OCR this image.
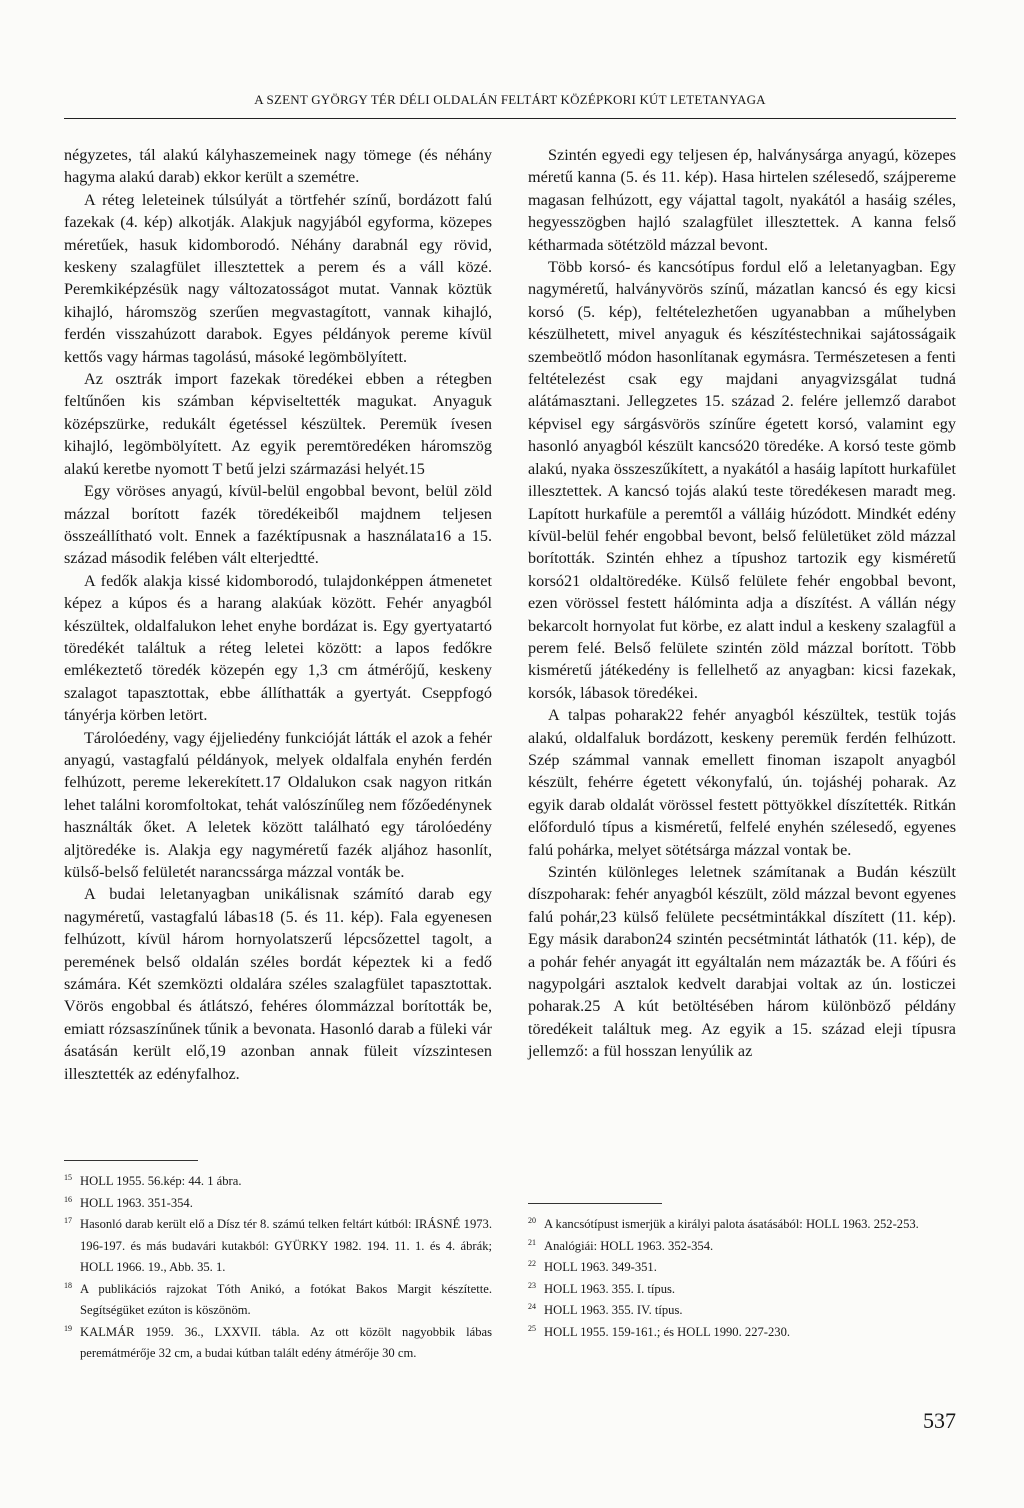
A SZENT GYÖRGY TÉR DÉLI OLDALÁN FELTÁRT KÖZÉPKORI KÚT LETETANYAGA

négyzetes, tál alakú kályhaszemeinek nagy tömege (és néhány hagyma alakú darab) ekkor került a szemétre.

A réteg leleteinek túlsúlyát a törtfehér színű, bordázott falú fazekak (4. kép) alkotják. Alakjuk nagyjából egyforma, közepes méretűek, hasuk kidomborodó. Néhány darabnál egy rövid, keskeny szalagfület illesztettek a perem és a váll közé. Peremkiképzésük nagy változatosságot mutat. Vannak köztük kihajló, háromszög szerűen megvastagított, vannak kihajló, ferdén visszahúzott darabok. Egyes példányok pereme kívül kettős vagy hármas tagolású, másoké legömbölyített.

Az osztrák import fazekak töredékei ebben a rétegben feltűnően kis számban képviseltették magukat. Anyaguk középszürke, redukált égetéssel készültek. Peremük ívesen kihajló, legömbölyített. Az egyik peremtöredéken háromszög alakú keretbe nyomott T betű jelzi származási helyét.15

Egy vöröses anyagú, kívül-belül engobbal bevont, belül zöld mázzal borított fazék töredékeiből majdnem teljesen összeállítható volt. Ennek a fazéktípusnak a használata16 a 15. század második felében vált elterjedtté.

A fedők alakja kissé kidomborodó, tulajdonképpen átmenetet képez a kúpos és a harang alakúak között. Fehér anyagból készültek, oldalfalukon lehet enyhe bordázat is. Egy gyertyatartó töredékét találtuk a réteg leletei között: a lapos fedőkre emlékeztető töredék közepén egy 1,3 cm átmérőjű, keskeny szalagot tapasztottak, ebbe állíthatták a gyertyát. Cseppfogó tányérja körben letört.

Tárolóedény, vagy éjjeliedény funkcióját látták el azok a fehér anyagú, vastagfalú példányok, melyek oldalfala enyhén ferdén felhúzott, pereme lekerekített.17 Oldalukon csak nagyon ritkán lehet találni koromfoltokat, tehát valószínűleg nem főzőedénynek használták őket. A leletek között található egy tárolóedény aljtöredéke is. Alakja egy nagyméretű fazék aljához hasonlít, külső-belső felületét narancssárga mázzal vonták be.

A budai leletanyagban unikálisnak számító darab egy nagyméretű, vastagfalú lábas18 (5. és 11. kép). Fala egyenesen felhúzott, kívül három hornyolatszerű lépcsőzettel tagolt, a peremének belső oldalán széles bordát képeztek ki a fedő számára. Két szemközti oldalára széles szalagfület tapasztottak. Vörös engobbal és átlátszó, fehéres ólommázzal borították be, emiatt rózsaszínűnek tűnik a bevonata. Hasonló darab a füleki vár ásatásán került elő,19 azonban annak füleit vízszintesen illesztették az edényfalhoz.

Szintén egyedi egy teljesen ép, halványsárga anyagú, közepes méretű kanna (5. és 11. kép). Hasa hirtelen szélesedő, szájpereme magasan felhúzott, egy vájattal tagolt, nyakától a hasáig széles, hegyesszögben hajló szalagfület illesztettek. A kanna felső kétharmada sötétzöld mázzal bevont.

Több korsó- és kancsótípus fordul elő a leletanyagban. Egy nagyméretű, halványvörös színű, mázatlan kancsó és egy kicsi korsó (5. kép), feltételezhetően ugyanabban a műhelyben készülhetett, mivel anyaguk és készítéstechnikai sajátosságaik szembeötlő módon hasonlítanak egymásra. Természetesen a fenti feltételezést csak egy majdani anyagvizsgálat tudná alátámasztani. Jellegzetes 15. század 2. felére jellemző darabot képvisel egy sárgásvörös színűre égetett korsó, valamint egy hasonló anyagból készült kancsó20 töredéke. A korsó teste gömb alakú, nyaka összeszűkített, a nyakától a hasáig lapított hurkafület illesztettek. A kancsó tojás alakú teste töredékesen maradt meg. Lapított hurkafüle a peremtől a válláig húzódott. Mindkét edény kívül-belül fehér engobbal bevont, belső felületüket zöld mázzal borították. Szintén ehhez a típushoz tartozik egy kisméretű korsó21 oldaltöredéke. Külső felülete fehér engobbal bevont, ezen vörössel festett hálóminta adja a díszítést. A vállán négy bekarcolt hornyolat fut körbe, ez alatt indul a keskeny szalagfül a perem felé. Belső felülete szintén zöld mázzal borított. Több kisméretű játékedény is fellelhető az anyagban: kicsi fazekak, korsók, lábasok töredékei.

A talpas poharak22 fehér anyagból készültek, testük tojás alakú, oldalfaluk bordázott, keskeny peremük ferdén felhúzott. Szép számmal vannak emellett finoman iszapolt anyagból készült, fehérre égetett vékonyfalú, ún. tojáshéj poharak. Az egyik darab oldalát vörössel festett pöttyökkel díszítették. Ritkán előforduló típus a kisméretű, felfelé enyhén szélesedő, egyenes falú pohárka, melyet sötétsárga mázzal vontak be.

Szintén különleges leletnek számítanak a Budán készült díszpoharak: fehér anyagból készült, zöld mázzal bevont egyenes falú pohár,23 külső felülete pecsétmintákkal díszített (11. kép). Egy másik darabon24 szintén pecsétmintát láthatók (11. kép), de a pohár fehér anyagát itt egyáltalán nem mázazták be. A főúri és nagypolgári asztalok kedvelt darabjai voltak az ún. losticzei poharak.25 A kút betöltésében három különböző példány töredékeit találtuk meg. Az egyik a 15. század eleji típusra jellemző: a fül hosszan lenyúlik az

15 HOLL 1955. 56.kép: 44. 1 ábra.
16 HOLL 1963. 351-354.
17 Hasonló darab került elő a Dísz tér 8. számú telken feltárt kútból: IRÁSNÉ 1973. 196-197. és más budavári kutakból: GYÜRKY 1982. 194. 11. 1. és 4. ábrák; HOLL 1966. 19., Abb. 35. 1.
18 A publikációs rajzokat Tóth Anikó, a fotókat Bakos Margit készítette. Segítségüket ezúton is köszönöm.
19 KALMÁR 1959. 36., LXXVII. tábla. Az ott közölt nagyobbik lábas peremátmérője 32 cm, a budai kútban talált edény átmérője 30 cm.
20 A kancsótípust ismerjük a királyi palota ásatásából: HOLL 1963. 252-253.
21 Analógiái: HOLL 1963. 352-354.
22 HOLL 1963. 349-351.
23 HOLL 1963. 355. I. típus.
24 HOLL 1963. 355. IV. típus.
25 HOLL 1955. 159-161.; és HOLL 1990. 227-230.
537
